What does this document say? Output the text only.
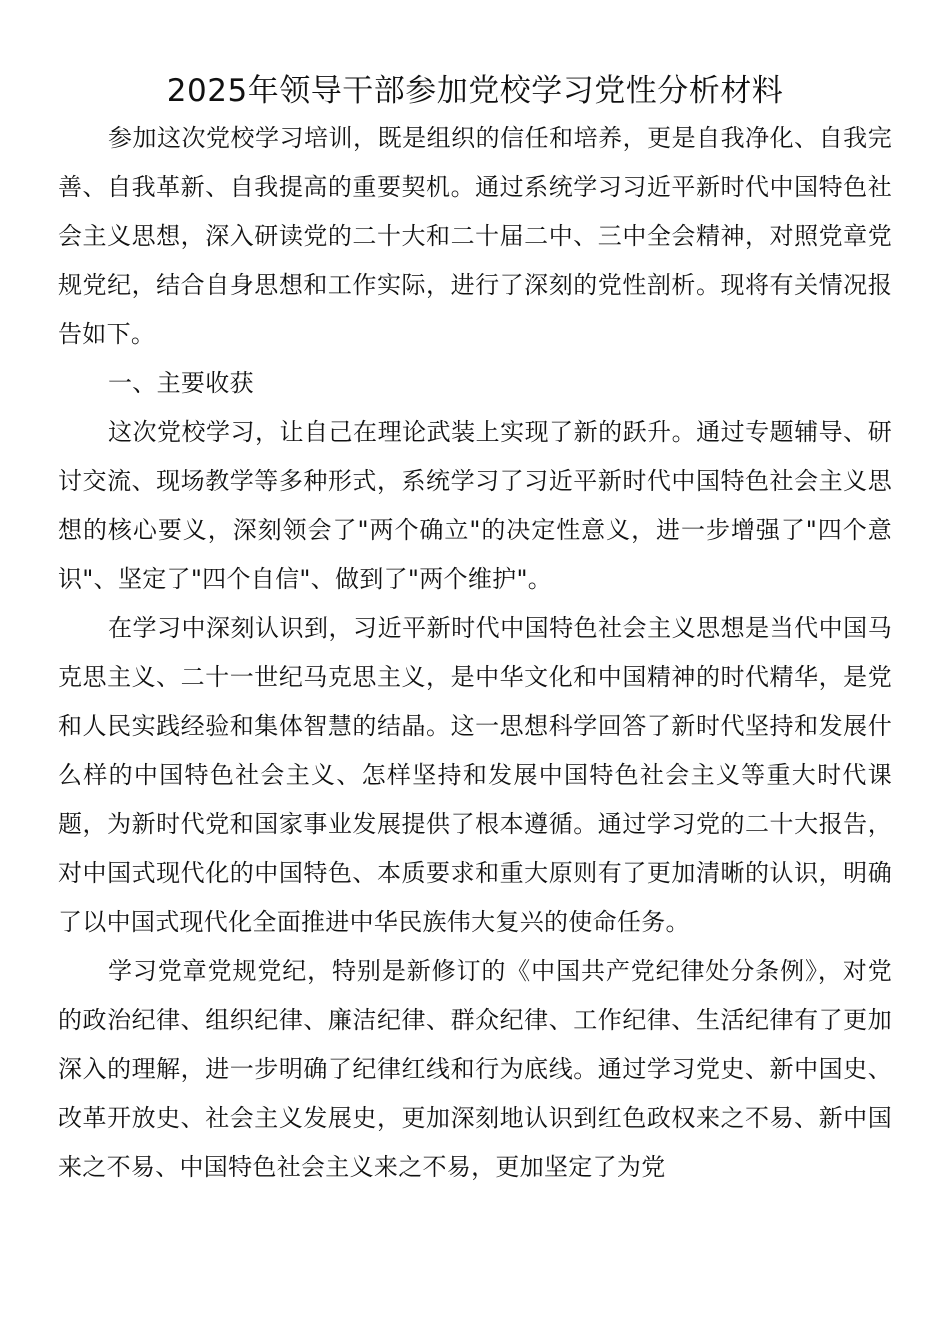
2025年领导干部参加党校学习党性分析材料

参加这次党校学习培训，既是组织的信任和培养，更是自我净化、自我完善、自我革新、自我提高的重要契机。通过系统学习习近平新时代中国特色社会主义思想，深入研读党的二十大和二十届二中、三中全会精神，对照党章党规党纪，结合自身思想和工作实际，进行了深刻的党性剖析。现将有关情况报告如下。

一、主要收获

这次党校学习，让自己在理论武装上实现了新的跃升。通过专题辅导、研讨交流、现场教学等多种形式，系统学习了习近平新时代中国特色社会主义思想的核心要义，深刻领会了"两个确立"的决定性意义，进一步增强了"四个意识"、坚定了"四个自信"、做到了"两个维护"。

在学习中深刻认识到，习近平新时代中国特色社会主义思想是当代中国马克思主义、二十一世纪马克思主义，是中华文化和中国精神的时代精华，是党和人民实践经验和集体智慧的结晶。这一思想科学回答了新时代坚持和发展什么样的中国特色社会主义、怎样坚持和发展中国特色社会主义等重大时代课题，为新时代党和国家事业发展提供了根本遵循。通过学习党的二十大报告，对中国式现代化的中国特色、本质要求和重大原则有了更加清晰的认识，明确了以中国式现代化全面推进中华民族伟大复兴的使命任务。

学习党章党规党纪，特别是新修订的《中国共产党纪律处分条例》，对党的政治纪律、组织纪律、廉洁纪律、群众纪律、工作纪律、生活纪律有了更加深入的理解，进一步明确了纪律红线和行为底线。通过学习党史、新中国史、改革开放史、社会主义发展史，更加深刻地认识到红色政权来之不易、新中国来之不易、中国特色社会主义来之不易，更加坚定了为党
